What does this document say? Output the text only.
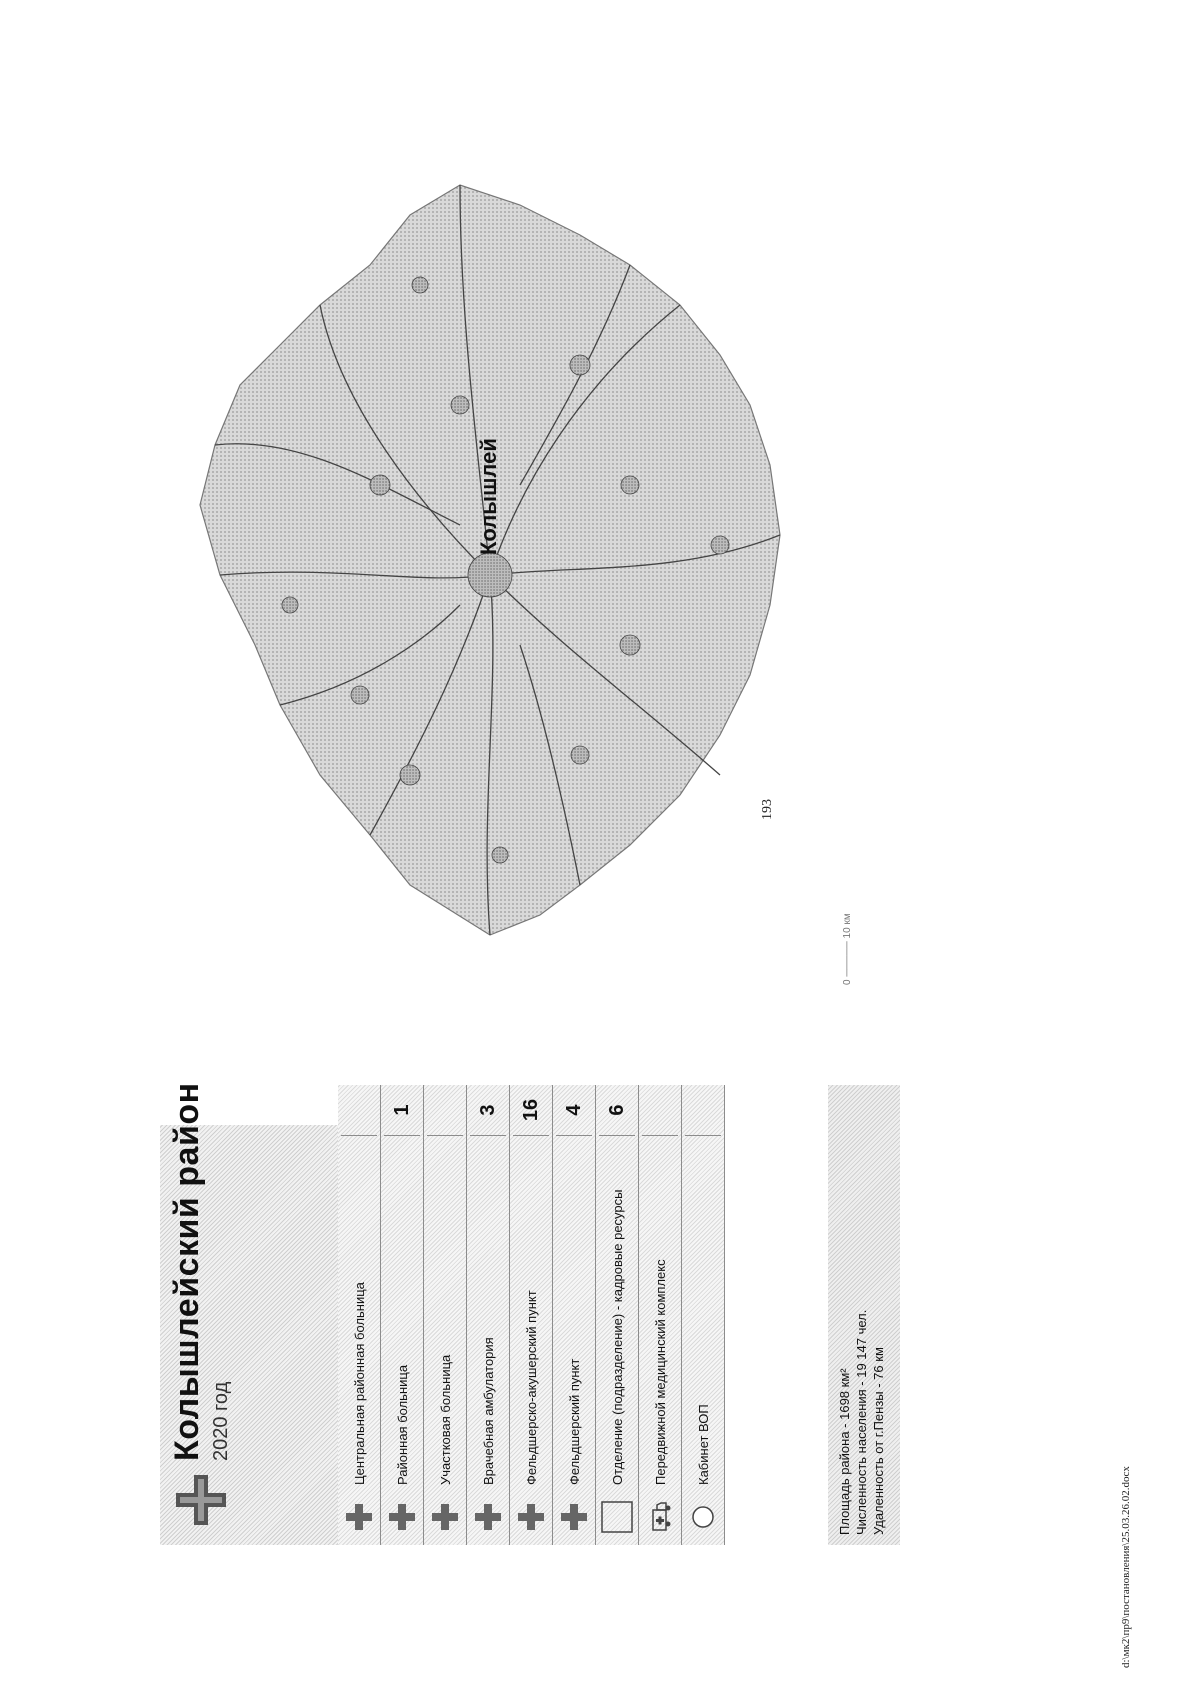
193
d:\мк2\пр9\постановления\25.03.26.02.docx
Колышлейский район 2020 год	Центральная районная больница Районная больница
1
Участковая больница Врачебная амбулатория
3
Фельдшерско-акушерский пункт
16
Фельдшерский пункт
4
Отделение (подразделение) - кадровые ресурсы
6
Передвижной медицинский комплекс Кабинет ВОП	Площадь района - 1698 км² Численность населения - 19 147 чел. Удаленность от г.Пензы - 76 км
Колышлей
0 ───── 10 км
